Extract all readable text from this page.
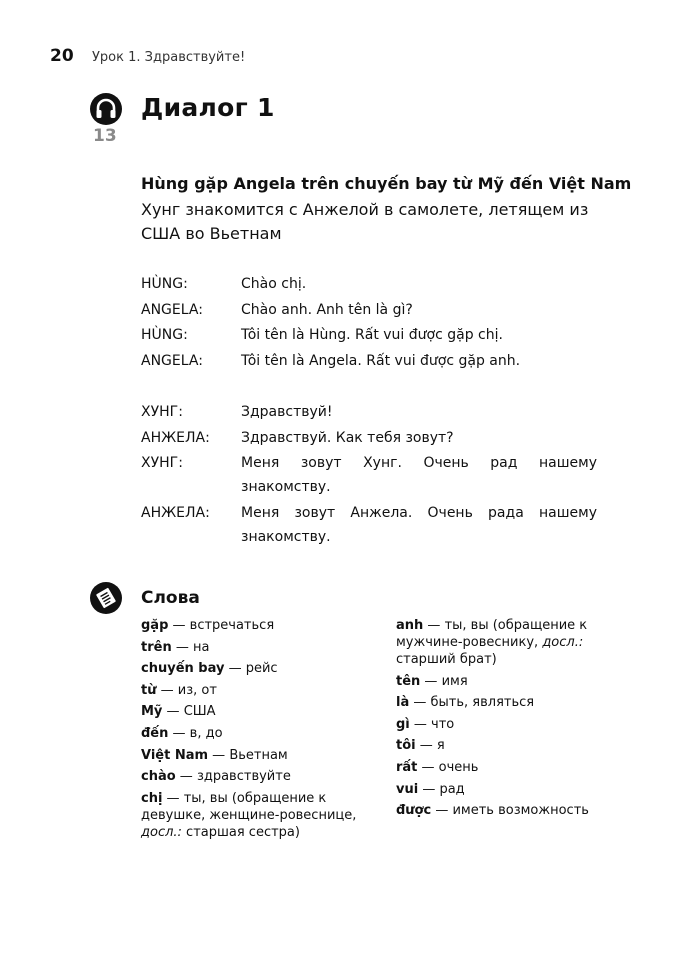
20 Урок 1. Здравствуйте!
13
Диалог 1
Hùng gặp Angela trên chuyến bay từ Mỹ đến Việt Nam
Хунг знакомится с Анжелой в самолете, летящем из США во Вьетнам
HÙNG:	Chào chị.
ANGELA:	Chào anh. Anh tên là gì?
HÙNG:	Tôi tên là Hùng. Rất vui được gặp chị.
ANGELA:	Tôi tên là Angela. Rất vui được gặp anh.
ХУНГ:	Здравствуй!
АНЖЕЛА:	Здравствуй. Как тебя зовут?
ХУНГ:	Меня зовут Хунг. Очень рад нашему знакомству.
АНЖЕЛА:	Меня зовут Анжела. Очень рада нашему знакомству.
Слова
gặp — встречаться
trên — на
chuyến bay — рейс
từ — из, от
Mỹ — США
đến — в, до
Việt Nam — Вьетнам
chào — здравствуйте
chị — ты, вы (обращение к девушке, женщине-ровеснице, досл.: старшая сестра)
anh — ты, вы (обращение к мужчине-ровеснику, досл.: старший брат)
tên — имя
là — быть, являться
gì — что
tôi — я
rất — очень
vui — рад
được — иметь возможность
